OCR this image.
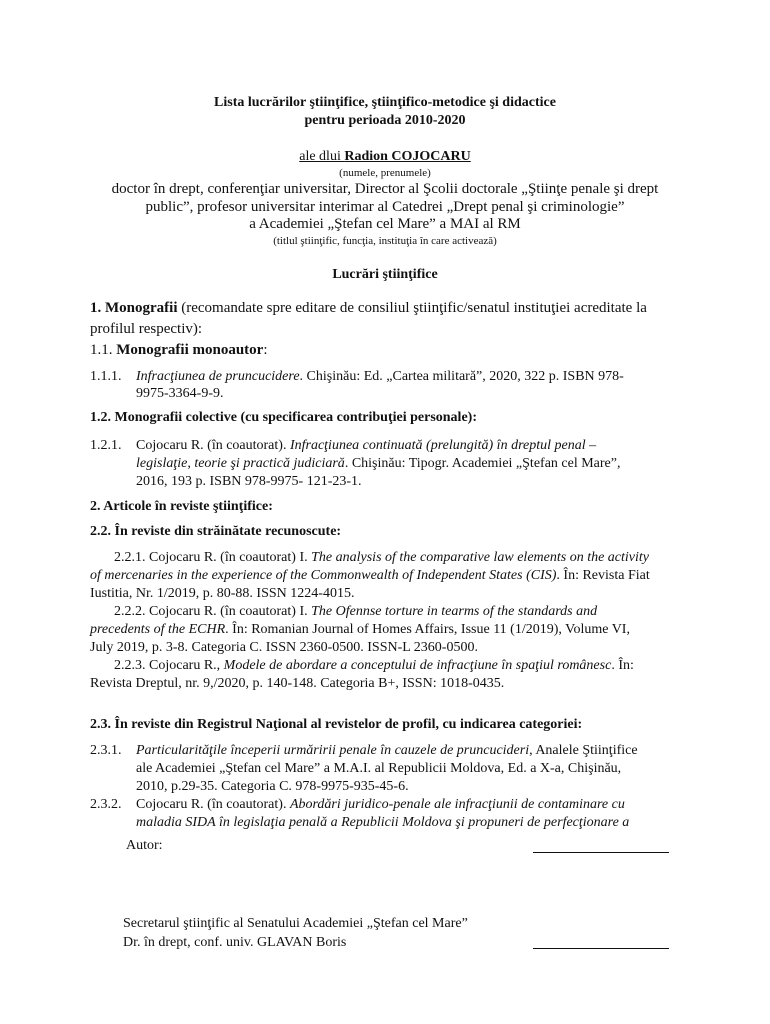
Lista lucrărilor ştiinţifice, ştiinţifico-metodice şi didactice
pentru perioada 2010-2020
ale dlui Radion COJOCARU
(numele, prenumele)
doctor în drept, conferenţiar universitar, Director al Şcolii doctorale „Ştiinţe penale şi drept
public”, profesor universitar interimar al Catedrei „Drept penal şi criminologie”
a Academiei „Ştefan cel Mare” a MAI al RM
(titlul ştiinţific, funcţia, instituţia în care activează)
Lucrări ştiinţifice
1. Monografii (recomandate spre editare de consiliul ştiinţific/senatul instituţiei acreditate la
profilul respectiv):
1.1. Monografii monoautor:
1.1.1. Infracţiunea de pruncucidere. Chişinău: Ed. „Cartea militară”, 2020, 322 p. ISBN 978-
9975-3364-9-9.
1.2. Monografii colective (cu specificarea contribuţiei personale):
1.2.1. Cojocaru R. (în coautorat). Infracţiunea continuată (prelungită) în dreptul penal –
legislaţie, teorie şi practică judiciară. Chişinău: Tipogr. Academiei „Ştefan cel Mare”,
2016, 193 p. ISBN 978-9975- 121-23-1.
2. Articole în reviste ştiinţifice:
2.2. În reviste din străinătate recunoscute:
2.2.1. Cojocaru R. (în coautorat) I. The analysis of the comparative law elements on the activity
of mercenaries in the experience of the Commonwealth of Independent States (CIS). În: Revista Fiat
Iustitia, Nr. 1/2019, p. 80-88. ISSN 1224-4015.
2.2.2. Cojocaru R. (în coautorat) I. The Ofennse torture in tearms of the standards and
precedents of the ECHR. În: Romanian Journal of Homes Affairs, Issue 11 (1/2019), Volume VI,
July 2019, p. 3-8. Categoria C. ISSN 2360-0500. ISSN-L 2360-0500.
2.2.3. Cojocaru R., Modele de abordare a conceptului de infracţiune în spaţiul românesc. În:
Revista Dreptul, nr. 9,/2020, p. 140-148. Categoria B+, ISSN: 1018-0435.
2.3. În reviste din Registrul Naţional al revistelor de profil, cu indicarea categoriei:
2.3.1. Particularităţile începerii urmăririi penale în cauzele de pruncucideri, Analele Ştiinţifice
ale Academiei „Ştefan cel Mare” a M.A.I. al Republicii Moldova, Ed. a X-a, Chişinău,
2010, p.29-35. Categoria C. 978-9975-935-45-6.
2.3.2. Cojocaru R. (în coautorat). Abordări juridico-penale ale infracţiunii de contaminare cu
maladia SIDA în legislaţia penală a Republicii Moldova şi propuneri de perfecţionare a
Autor:
Secretarul ştiinţific al Senatului Academiei „Ştefan cel Mare”
Dr. în drept, conf. univ. GLAVAN Boris
